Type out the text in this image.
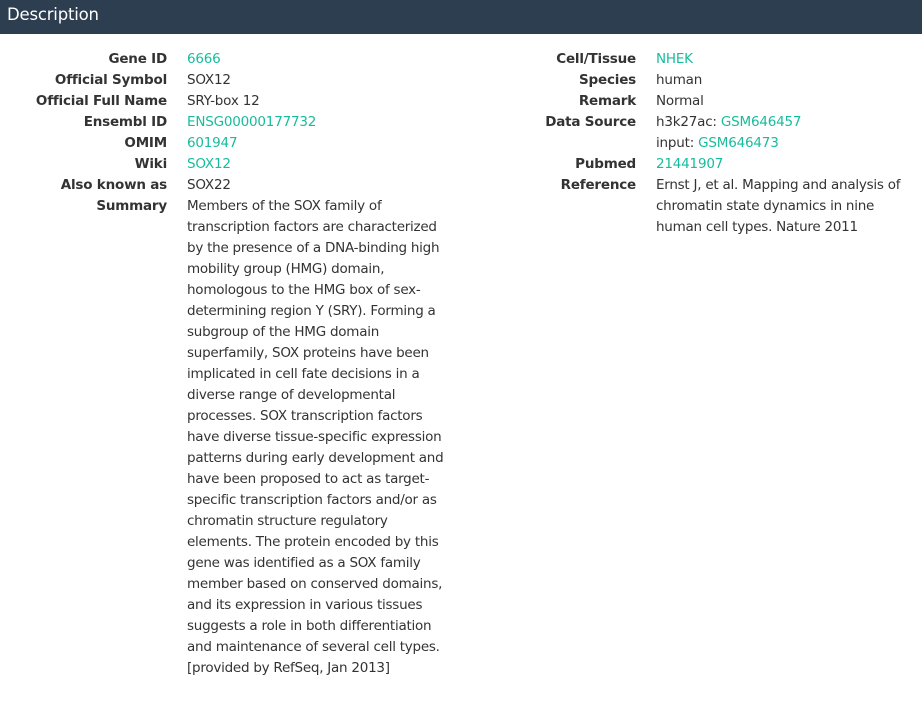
Description
Gene ID
Official Symbol
Official Full Name
Ensembl ID
OMIM
Wiki
Also known as
Summary
6666
SOX12
SRY-box 12
ENSG00000177732
601947
SOX12
SOX22
Members of the SOX family of transcription factors are characterized by the presence of a DNA-binding high mobility group (HMG) domain, homologous to the HMG box of sex-determining region Y (SRY). Forming a subgroup of the HMG domain superfamily, SOX proteins have been implicated in cell fate decisions in a diverse range of developmental processes. SOX transcription factors have diverse tissue-specific expression patterns during early development and have been proposed to act as target-specific transcription factors and/or as chromatin structure regulatory elements. The protein encoded by this gene was identified as a SOX family member based on conserved domains, and its expression in various tissues suggests a role in both differentiation and maintenance of several cell types. [provided by RefSeq, Jan 2013]
Cell/Tissue
Species
Remark
Data Source
Pubmed
Reference
NHEK
human
Normal
h3k27ac: GSM646457
input: GSM646473
21441907
Ernst J, et al. Mapping and analysis of chromatin state dynamics in nine human cell types. Nature 2011
